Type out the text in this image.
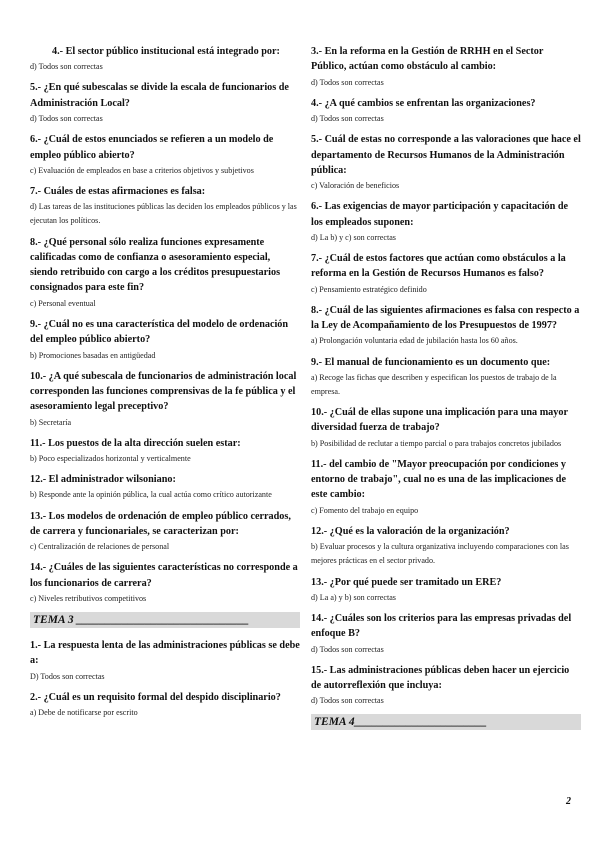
4.- El sector público institucional está integrado por:
d) Todos son correctas
5.- ¿En qué subescalas se divide la escala de funcionarios de Administración Local?
d) Todos son correctas
6.- ¿Cuál de estos enunciados se refieren a un modelo de empleo público abierto?
c) Evaluación de empleados en base a criterios objetivos y subjetivos
7.- Cuáles de estas afirmaciones es falsa:
d) Las tareas de las instituciones públicas las deciden los empleados públicos y las ejecutan los políticos.
8.- ¿Qué personal sólo realiza funciones expresamente calificadas como de confianza o asesoramiento especial, siendo retribuido con cargo a los créditos presupuestarios consignados para este fin?
c) Personal eventual
9.- ¿Cuál no es una característica del modelo de ordenación del empleo público abierto?
b) Promociones basadas en antigüedad
10.- ¿A qué subescala de funcionarios de administración local corresponden las funciones comprensivas de la fe pública y el asesoramiento legal preceptivo?
b) Secretaría
11.- Los puestos de la alta dirección suelen estar:
b) Poco especializados horizontal y verticalmente
12.- El administrador wilsoniano:
b) Responde ante la opinión pública, la cual actúa como crítico autorizante
13.- Los modelos de ordenación de empleo público cerrados, de carrera y funcionariales, se caracterizan por:
c) Centralización de relaciones de personal
14.- ¿Cuáles de las siguientes características no corresponde a los funcionarios de carrera?
c) Niveles retributivos competitivos
TEMA 3 ______________________________
1.- La respuesta lenta de las administraciones públicas se debe a:
D) Todos son correctas
2.- ¿Cuál es un requisito formal del despido disciplinario?
a) Debe de notificarse por escrito
3.- En la reforma en la Gestión de RRHH en el Sector Público, actúan como obstáculo al cambio:
d) Todos son correctas
4.- ¿A qué cambios se enfrentan las organizaciones?
d) Todos son correctas
5.- Cuál de estas no corresponde a las valoraciones que hace el departamento de Recursos Humanos de la Administración pública:
c) Valoración de beneficios
6.- Las exigencias de mayor participación y capacitación de los empleados suponen:
d) La b) y c) son correctas
7.- ¿Cuál de estos factores que actúan como obstáculos a la reforma en la Gestión de Recursos Humanos es falso?
c) Pensamiento estratégico definido
8.- ¿Cuál de las siguientes afirmaciones es falsa con respecto a la Ley de Acompañamiento de los Presupuestos de 1997?
a) Prolongación voluntaria edad de jubilación hasta los 60 años.
9.- El manual de funcionamiento es un documento que:
a) Recoge las fichas que describen y especifican los puestos de trabajo de la empresa.
10.- ¿Cuál de ellas supone una implicación para una mayor diversidad fuerza de trabajo?
b) Posibilidad de reclutar a tiempo parcial o para trabajos concretos jubilados
11.- del cambio de "Mayor preocupación por condiciones y entorno de trabajo", cual no es una de las implicaciones de este cambio:
c) Fomento del trabajo en equipo
12.- ¿Qué es la valoración de la organización?
b) Evaluar procesos y la cultura organizativa incluyendo comparaciones con las mejores prácticas en el sector privado.
13.- ¿Por qué puede ser tramitado un ERE?
d) La a) y b) son correctas
14.- ¿Cuáles son los criterios para las empresas privadas del enfoque B?
d) Todos son correctas
15.- Las administraciones públicas deben hacer un ejercicio de autorreflexión que incluya:
d) Todos son correctas
TEMA 4_______________________
2
